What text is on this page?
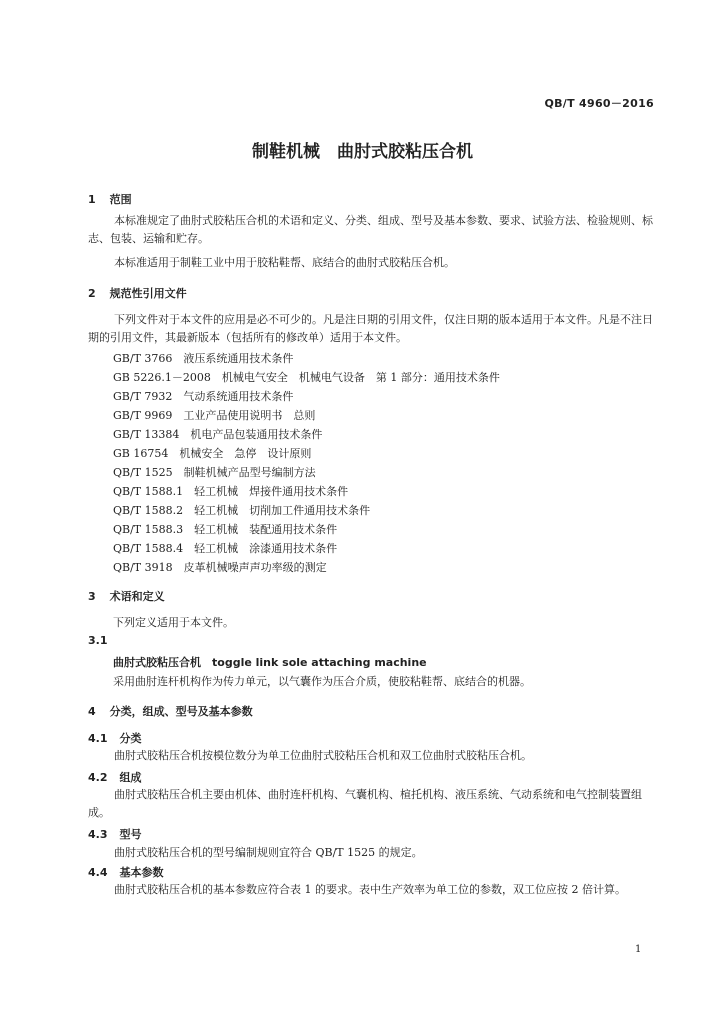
QB/T 4960－2016
制鞋机械　曲肘式胶粘压合机
1 范围
本标准规定了曲肘式胶粘压合机的术语和定义、分类、组成、型号及基本参数、要求、试验方法、检验规则、标志、包装、运输和贮存。
本标准适用于制鞋工业中用于胶粘鞋帮、底结合的曲肘式胶粘压合机。
2 规范性引用文件
下列文件对于本文件的应用是必不可少的。凡是注日期的引用文件，仅注日期的版本适用于本文件。凡是不注日期的引用文件，其最新版本（包括所有的修改单）适用于本文件。
GB/T 3766　液压系统通用技术条件
GB 5226.1－2008　机械电气安全　机械电气设备　第 1 部分：通用技术条件
GB/T 7932　气动系统通用技术条件
GB/T 9969　工业产品使用说明书　总则
GB/T 13384　机电产品包装通用技术条件
GB 16754　机械安全　急停　设计原则
QB/T 1525　制鞋机械产品型号编制方法
QB/T 1588.1　轻工机械　焊接件通用技术条件
QB/T 1588.2　轻工机械　切削加工件通用技术条件
QB/T 1588.3　轻工机械　装配通用技术条件
QB/T 1588.4　轻工机械　涂漆通用技术条件
QB/T 3918　皮革机械噪声声功率级的测定
3 术语和定义
下列定义适用于本文件。
3.1
曲肘式胶粘压合机　toggle link sole attaching machine
采用曲肘连杆机构作为传力单元，以气囊作为压合介质，使胶粘鞋帮、底结合的机器。
4 分类，组成、型号及基本参数
4.1 分类
曲肘式胶粘压合机按模位数分为单工位曲肘式胶粘压合机和双工位曲肘式胶粘压合机。
4.2 组成
曲肘式胶粘压合机主要由机体、曲肘连杆机构、气囊机构、楦托机构、液压系统、气动系统和电气控制装置组成。
4.3 型号
曲肘式胶粘压合机的型号编制规则宜符合 QB/T 1525 的规定。
4.4 基本参数
曲肘式胶粘压合机的基本参数应符合表 1 的要求。表中生产效率为单工位的参数，双工位应按 2 倍计算。
1
